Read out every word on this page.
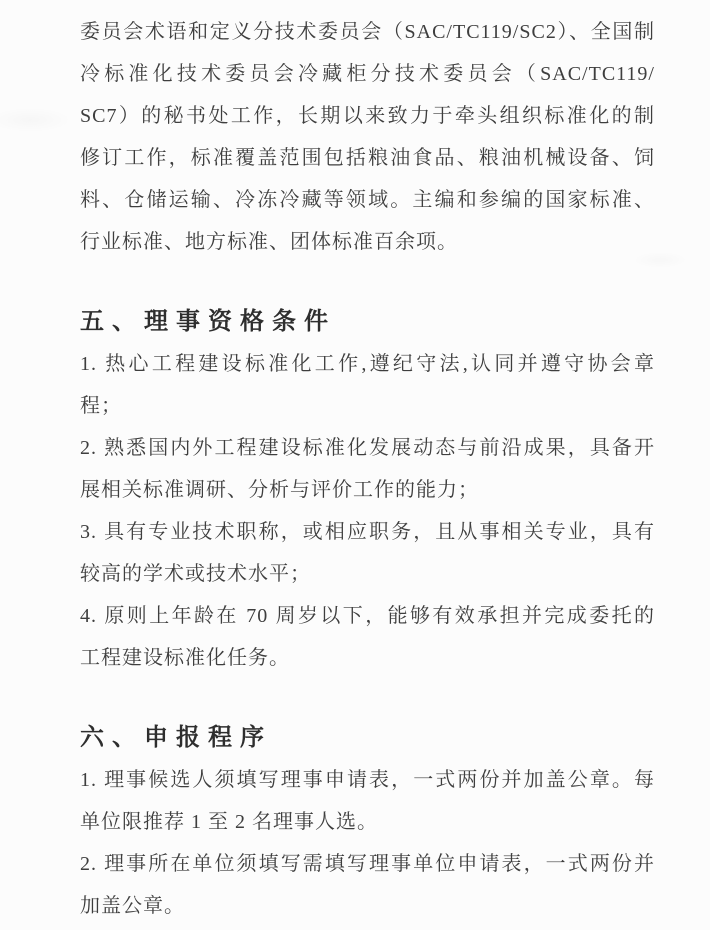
委员会术语和定义分技术委员会（SAC/TC119/SC2）、全国制
冷标准化技术委员会冷藏柜分技术委员会（SAC/TC119/
SC7）的秘书处工作，长期以来致力于牵头组织标准化的制
修订工作，标准覆盖范围包括粮油食品、粮油机械设备、饲
料、仓储运输、冷冻冷藏等领域。主编和参编的国家标准、
行业标准、地方标准、团体标准百余项。
五、理事资格条件
1. 热心工程建设标准化工作,遵纪守法,认同并遵守协会章
程；
2. 熟悉国内外工程建设标准化发展动态与前沿成果，具备开
展相关标准调研、分析与评价工作的能力；
3. 具有专业技术职称，或相应职务，且从事相关专业，具有
较高的学术或技术水平；
4. 原则上年龄在 70 周岁以下，能够有效承担并完成委托的
工程建设标准化任务。
六、申报程序
1. 理事候选人须填写理事申请表，一式两份并加盖公章。每
单位限推荐 1 至 2 名理事人选。
2. 理事所在单位须填写需填写理事单位申请表，一式两份并
加盖公章。
